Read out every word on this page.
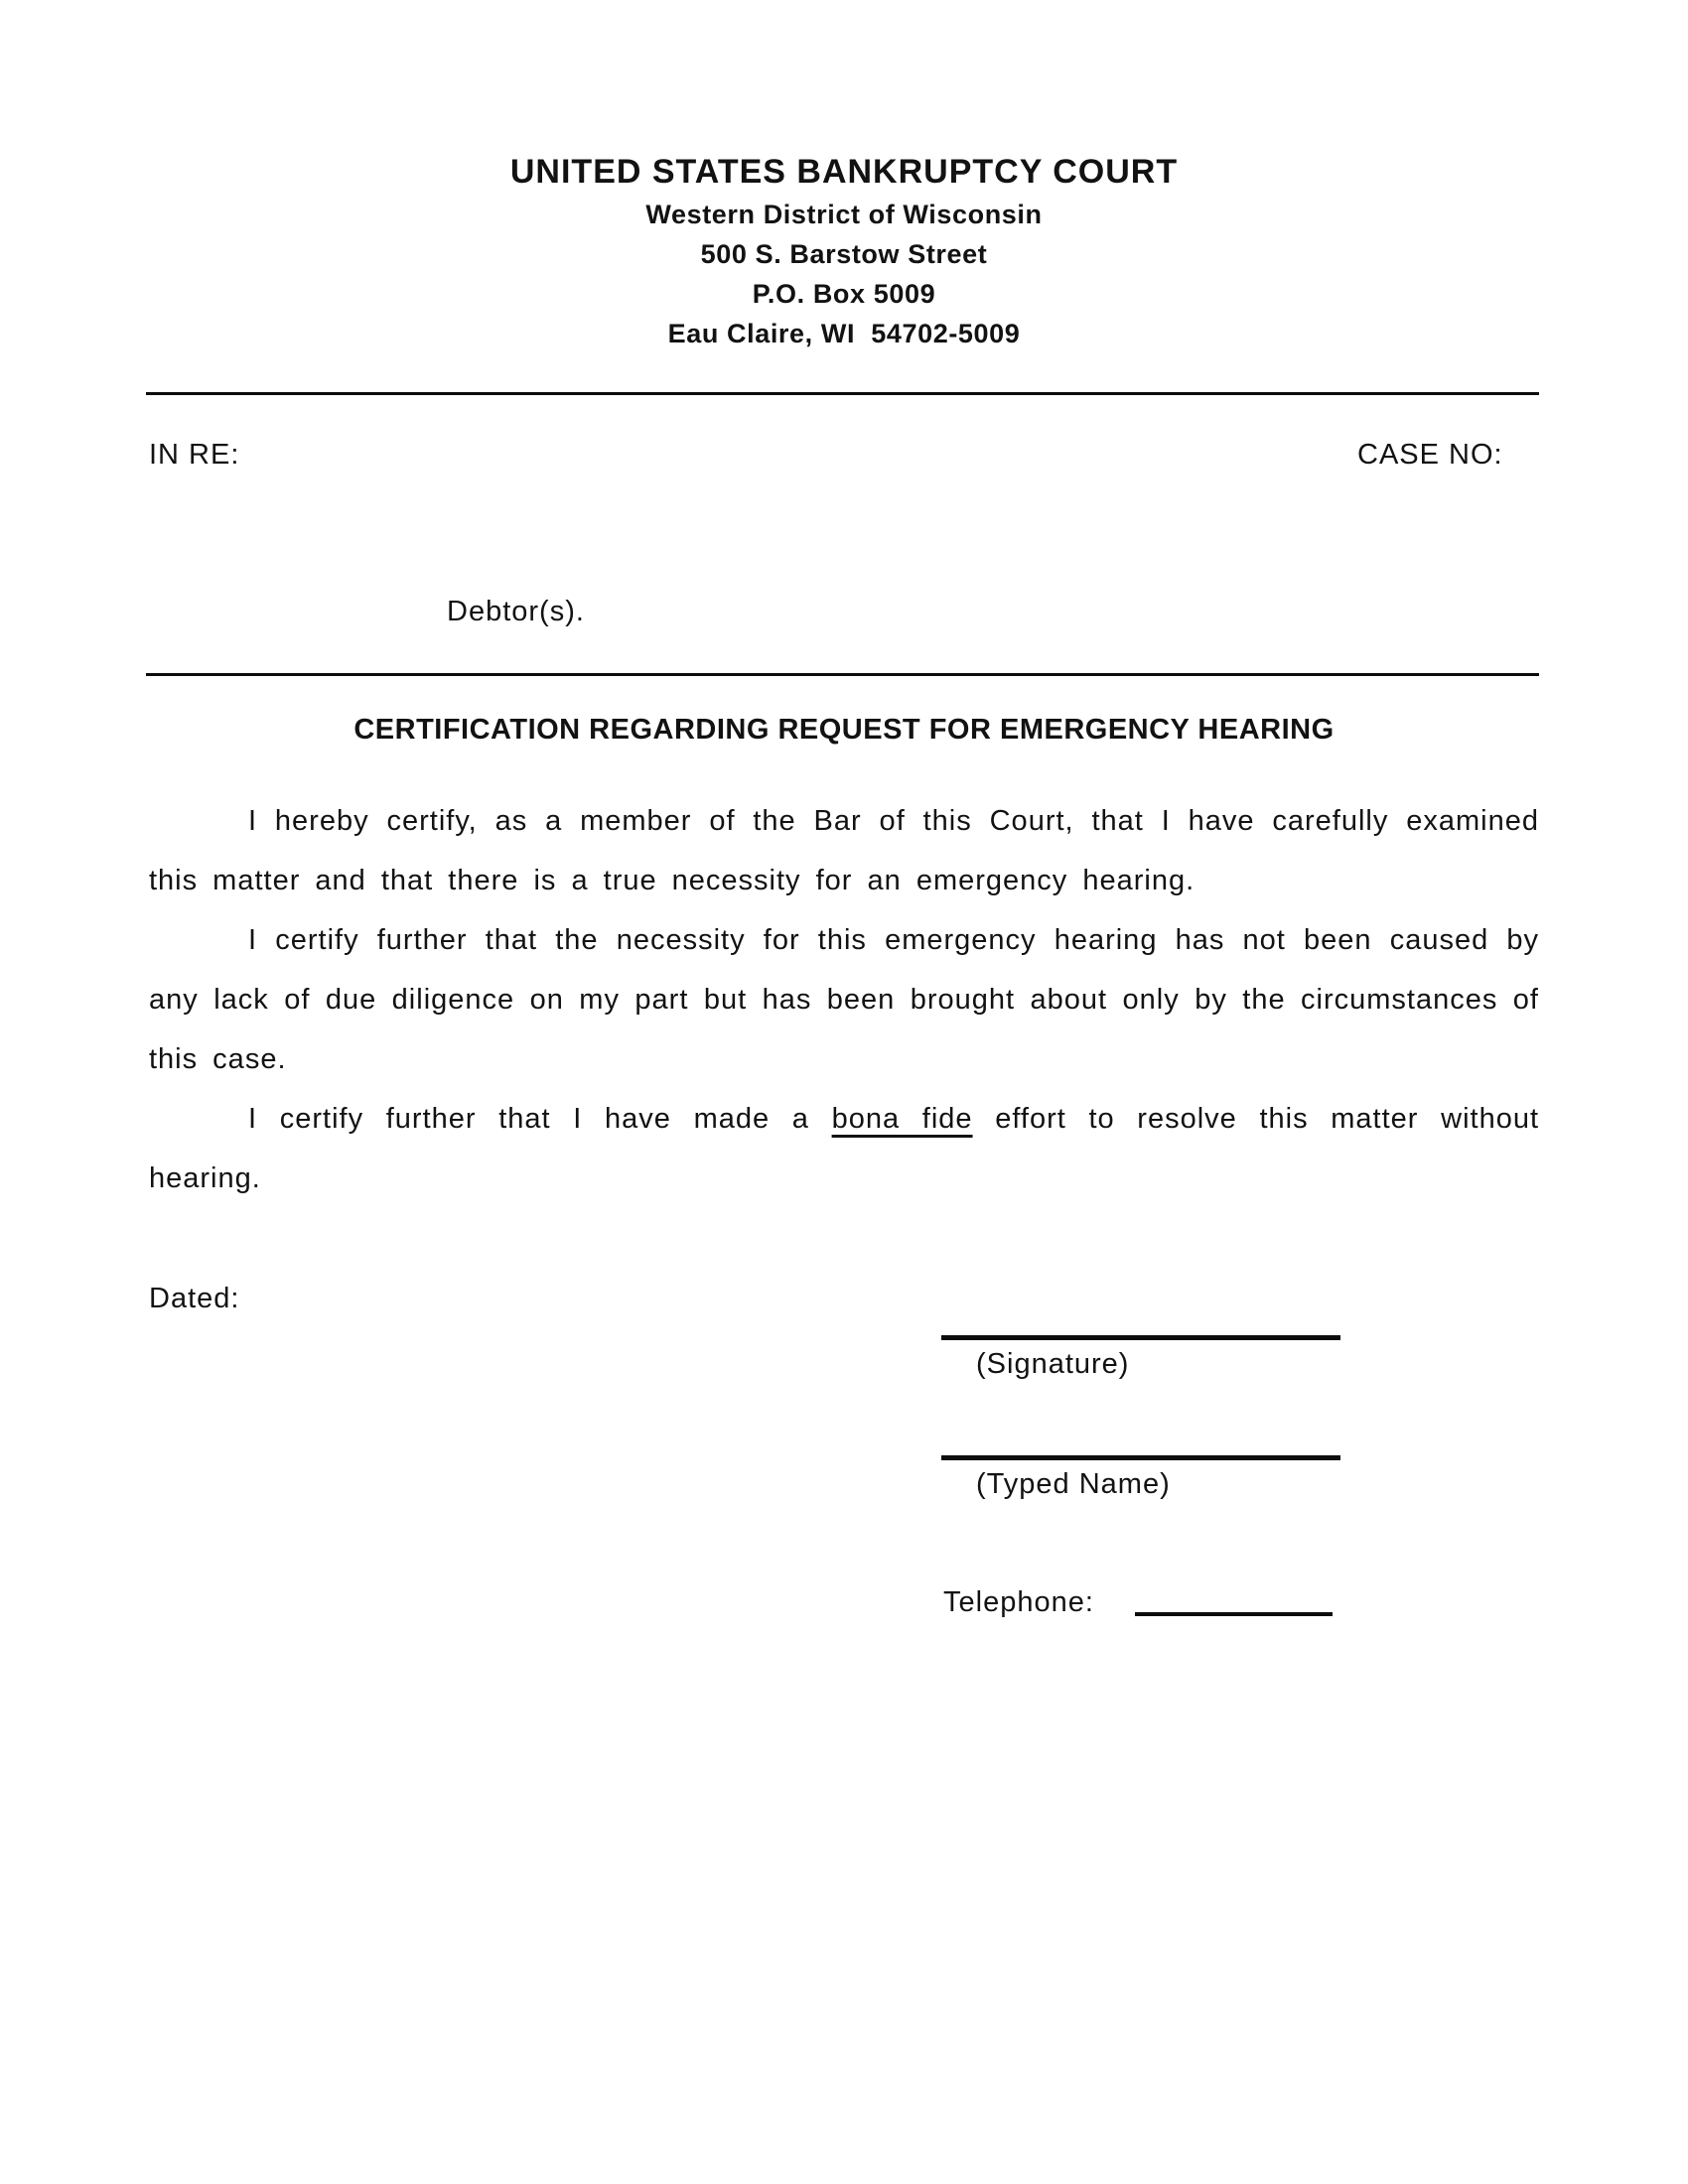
UNITED STATES BANKRUPTCY COURT
Western District of Wisconsin
500 S. Barstow Street
P.O. Box 5009
Eau Claire, WI  54702-5009
IN RE:	CASE NO:
Debtor(s).
CERTIFICATION REGARDING REQUEST FOR EMERGENCY HEARING

I hereby certify, as a member of the Bar of this Court, that I have carefully examined this matter and that there is a true necessity for an emergency hearing.

I certify further that the necessity for this emergency hearing has not been caused by any lack of due diligence on my part but has been brought about only by the circumstances of this case.

I certify further that I have made a bona fide effort to resolve this matter without hearing.

Dated:
(Signature)
(Typed Name)
Telephone:
